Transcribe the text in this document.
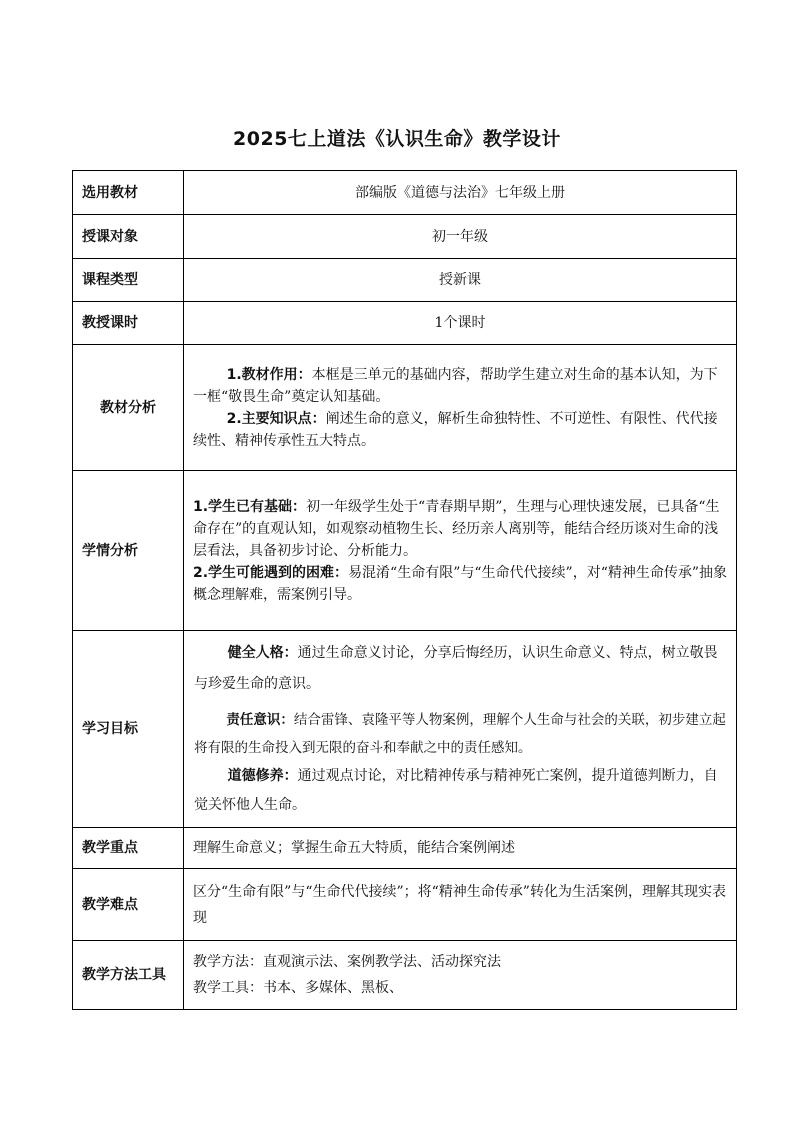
2025七上道法《认识生命》教学设计
选用教材	部编版《道德与法治》七年级上册
授课对象	初一年级
课程类型	授新课
教授课时	1个课时
教材分析	1.教材作用：本框是三单元的基础内容，帮助学生建立对生命的基本认知，为下一框“敬畏生命”奠定认知基础。

2.主要知识点：阐述生命的意义，解析生命独特性、不可逆性、有限性、代代接续性、精神传承性五大特点。

学情分析	1.学生已有基础：初一年级学生处于“青春期早期”，生理与心理快速发展，已具备“生命存在”的直观认知，如观察动植物生长、经历亲人离别等，能结合经历谈对生命的浅层看法，具备初步讨论、分析能力。

2.学生可能遇到的困难：易混淆“生命有限”与“生命代代接续”，对“精神生命传承”抽象概念理解难，需案例引导。

学习目标	健全人格：通过生命意义讨论，分享后悔经历，认识生命意义、特点，树立敬畏与珍爱生命的意识。

责任意识：结合雷锋、袁隆平等人物案例，理解个人生命与社会的关联，初步建立起将有限的生命投入到无限的奋斗和奉献之中的责任感知。

道德修养：通过观点讨论，对比精神传承与精神死亡案例，提升道德判断力，自觉关怀他人生命。

教学重点	理解生命意义；掌握生命五大特质，能结合案例阐述
教学难点	区分“生命有限”与“生命代代接续”；将“精神生命传承”转化为生活案例，理解其现实表现
教学方法工具	教学方法：直观演示法、案例教学法、活动探究法

教学工具：书本、多媒体、黑板、
